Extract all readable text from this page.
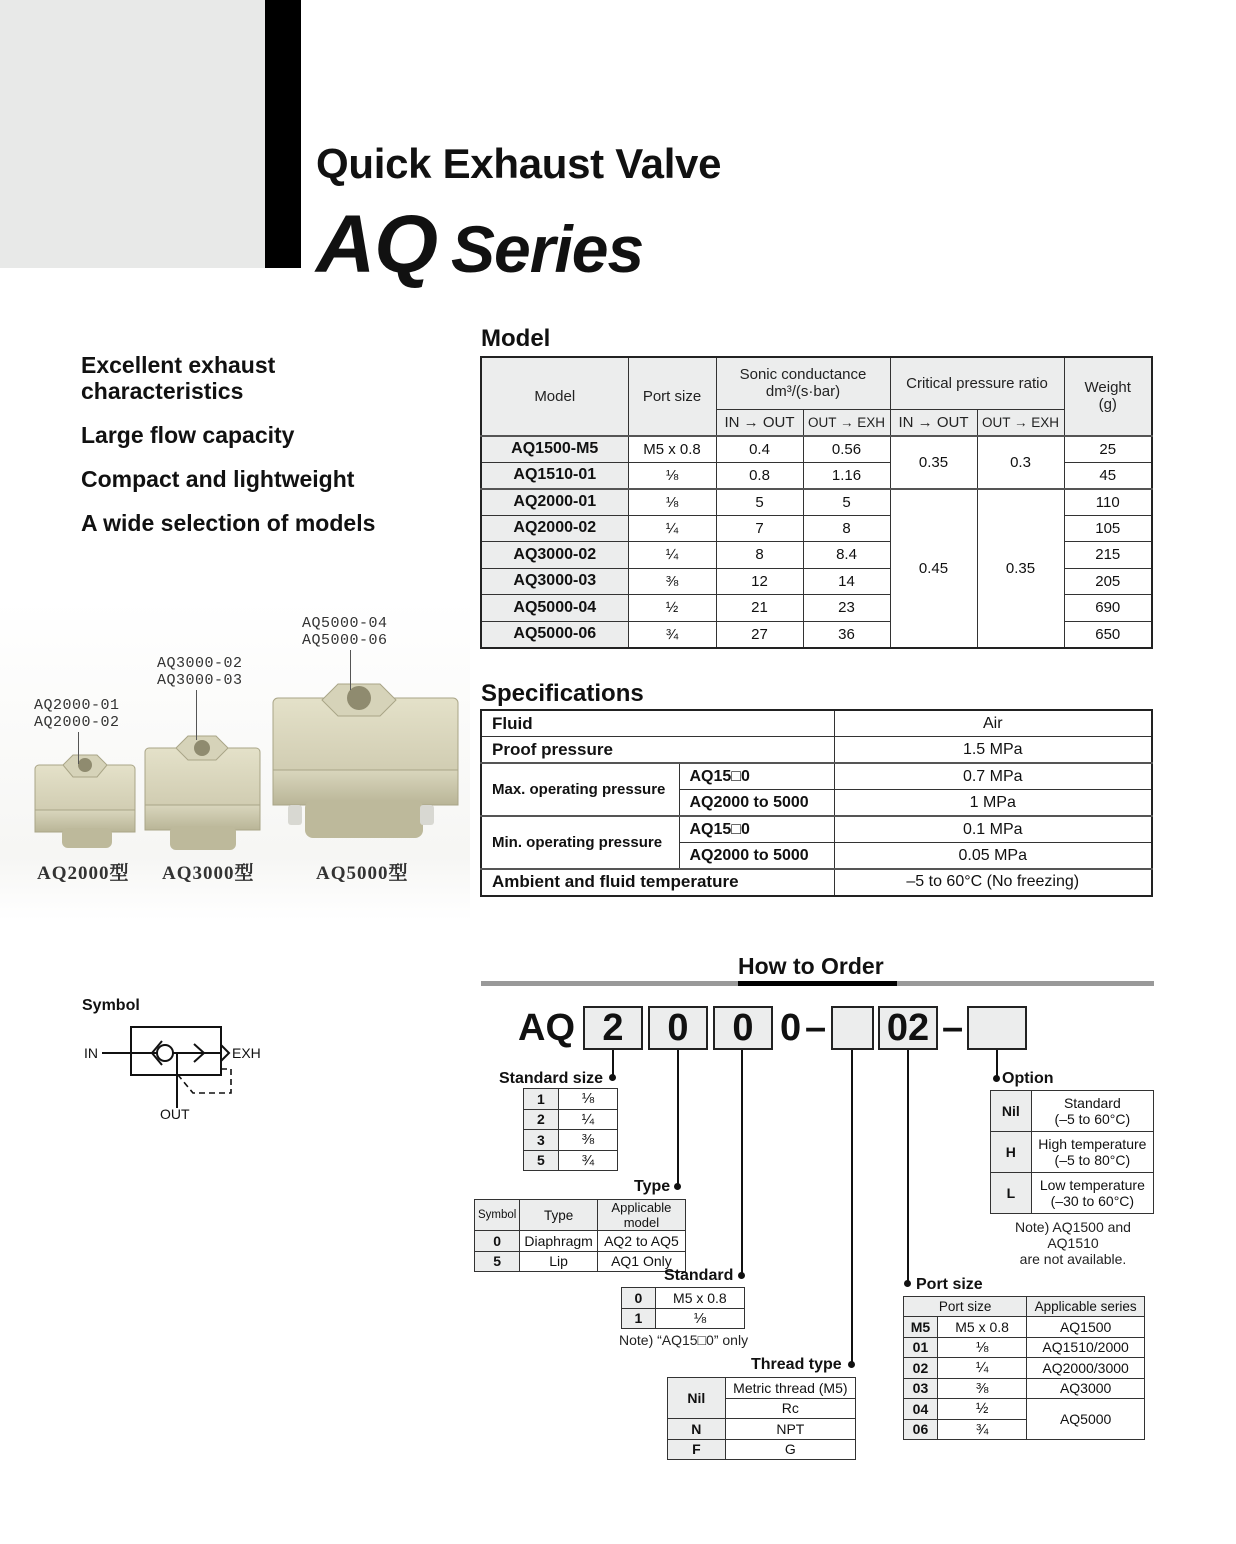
Quick Exhaust Valve
AQ Series
Excellent exhaust characteristics
Large flow capacity
Compact and lightweight
A wide selection of models
AQ2000-01
AQ2000-02
AQ3000-02
AQ3000-03
AQ5000-04
AQ5000-06
AQ2000型 AQ3000型	AQ5000型
Symbol
IN	EXH
OUT
Model
Model	Port size	
Sonic conductance
dm³/(s·bar)	Critical pressure ratio	Weight
(g)

		IN → OUT	OUT → EXH	IN → OUT	OUT → EXH	
AQ1500-M5	M5 x 0.8	0.4	0.56	0.35	0.3	25
AQ1510-01	⅛	0.8	1.16			45
AQ2000-01	⅛	5	5	0.45	0.35	110
AQ2000-02	¼	7	8			105
AQ3000-02	¼	8	8.4			215
AQ3000-03	⅜	12	14			205
AQ5000-04	½	21	23			690
AQ5000-06	¾	27	36			650
Specifications
Fluid		Air
Proof pressure		1.5 MPa
Max. operating pressure	AQ15□0	0.7 MPa
	AQ2000 to 5000	1 MPa
Min. operating pressure	AQ15□0	0.1 MPa
	AQ2000 to 5000	0.05 MPa
Ambient and fluid temperature		–5 to 60°C (No freezing)
How to Order
AQ 2	0	0 0 – 02 –
Standard size
1	⅛
2	¼
3	⅜
5	¾
Type
Symbol	Type	Applicable model
0	Diaphragm	AQ2 to AQ5
5	Lip	AQ1 Only
Standard
0	M5 x 0.8
1	⅛
Note) “AQ15□0” only
Thread type
Nil	Metric thread (M5)
	Rc
N	NPT
F	G
Port size
Port size		Applicable series
M5	M5 x 0.8	AQ1500
01	⅛	AQ1510/2000
02	¼	AQ2000/3000
03	⅜	AQ3000
04	½	AQ5000
06	¾	
Option
Nil	Standard
(–5 to 60°C)

H	High temperature
(–5 to 80°C)

L	Low temperature
(–30 to 60°C)
Note) AQ1500 and AQ1510
are not available.
